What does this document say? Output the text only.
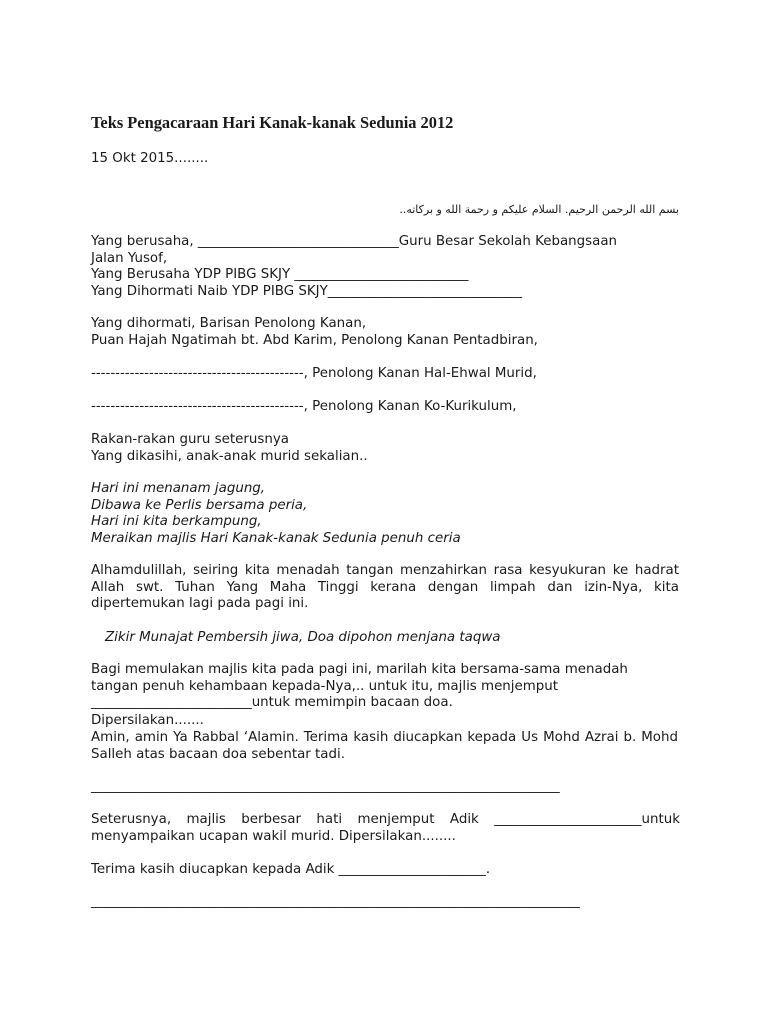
Teks Pengacaraan Hari Kanak-kanak Sedunia 2012
15 Okt 2015........
بسم الله الرحمن الرحيم. السلام عليكم و رحمة الله و بركاته..
Yang berusaha, ______________________________Guru Besar Sekolah Kebangsaan
Jalan Yusof,
Yang Berusaha YDP PIBG SKJY __________________________
Yang Dihormati Naib YDP PIBG SKJY_____________________________
Yang dihormati, Barisan Penolong Kanan,
Puan Hajah Ngatimah bt. Abd Karim, Penolong Kanan Pentadbiran,
--------------------------------------------, Penolong Kanan Hal-Ehwal Murid,
--------------------------------------------, Penolong Kanan Ko-Kurikulum,
Rakan-rakan guru seterusnya
Yang dikasihi, anak-anak murid sekalian..
Hari ini menanam jagung,
Dibawa ke Perlis bersama peria,
Hari ini kita berkampung,
Meraikan majlis Hari Kanak-kanak Sedunia penuh ceria
Alhamdulillah, seiring kita menadah tangan menzahirkan rasa kesyukuran ke hadrat Allah swt. Tuhan Yang Maha Tinggi kerana dengan limpah dan izin-Nya, kita dipertemukan lagi pada pagi ini.
Zikir Munajat Pembersih jiwa, Doa dipohon menjana taqwa
Bagi memulakan majlis kita pada pagi ini, marilah kita bersama-sama menadah tangan penuh kehambaan kepada-Nya,.. untuk itu, majlis menjemput ________________________untuk memimpin bacaan doa.
Dipersilakan.......
Amin, amin Ya Rabbal ‘Alamin. Terima kasih diucapkan kepada Us Mohd Azrai b. Mohd Salleh atas bacaan doa sebentar tadi.
______________________________________________________________________
Seterusnya, majlis berbesar hati menjemput Adik ______________________untuk menyampaikan ucapan wakil murid. Dipersilakan........
Terima kasih diucapkan kepada Adik ______________________.
_________________________________________________________________________
